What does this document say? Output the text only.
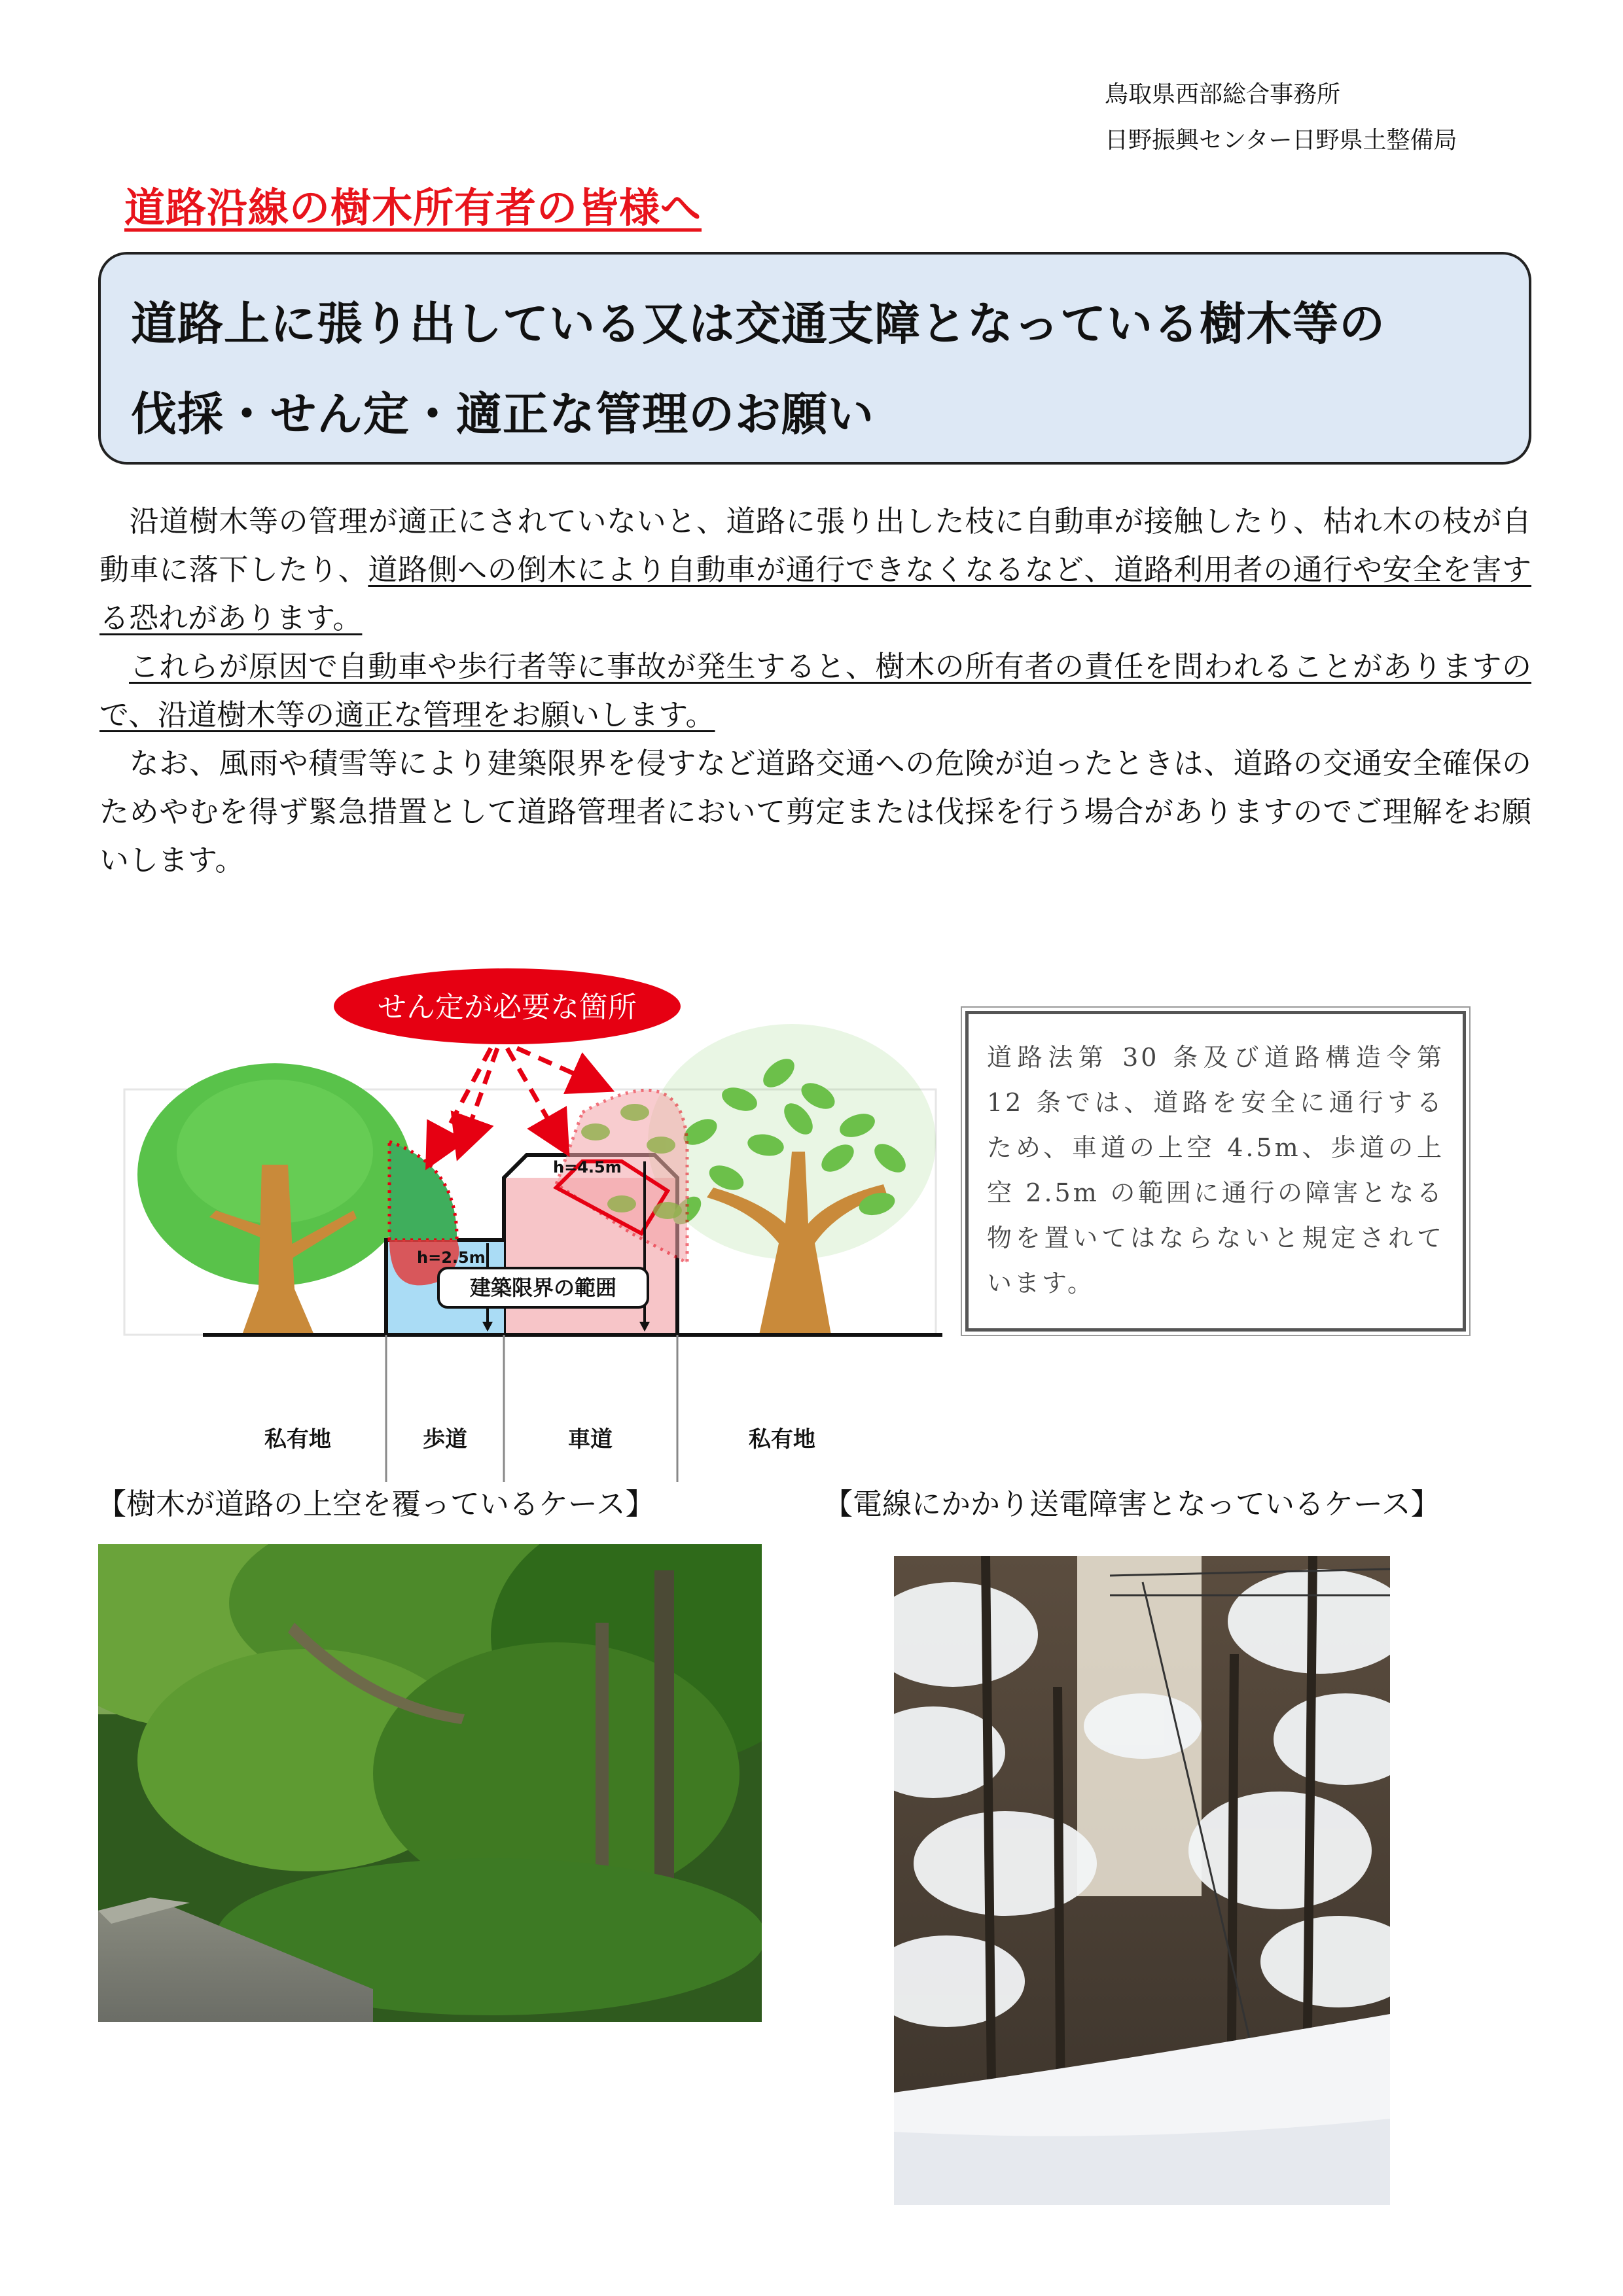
鳥取県西部総合事務所
日野振興センター日野県土整備局
道路沿線の樹木所有者の皆様へ
道路上に張り出している又は交通支障となっている樹木等の
伐採・せん定・適正な管理のお願い

沿道樹木等の管理が適正にされていないと、道路に張り出した枝に自動車が接触したり、枯れ木の枝が自動車に落下したり、道路側への倒木により自動車が通行できなくなるなど、道路利用者の通行や安全を害する恐れがあります。

これらが原因で自動車や歩行者等に事故が発生すると、樹木の所有者の責任を問われることがありますので、沿道樹木等の適正な管理をお願いします。

なお、風雨や積雪等により建築限界を侵すなど道路交通への危険が迫ったときは、道路の交通安全確保のためやむを得ず緊急措置として道路管理者において剪定または伐採を行う場合がありますのでご理解をお願いします。

せん定が必要な箇所
h=2.5m
h=4.5m
建築限界の範囲
私有地	歩道	車道	私有地
道路法第 30 条及び道路構造令第 12 条では、道路を安全に通行するため、車道の上空 4.5m、歩道の上空 2.5m の範囲に通行の障害となる物を置いてはならないと規定されています。
【樹木が道路の上空を覆っているケース】	【電線にかかり送電障害となっているケース】
